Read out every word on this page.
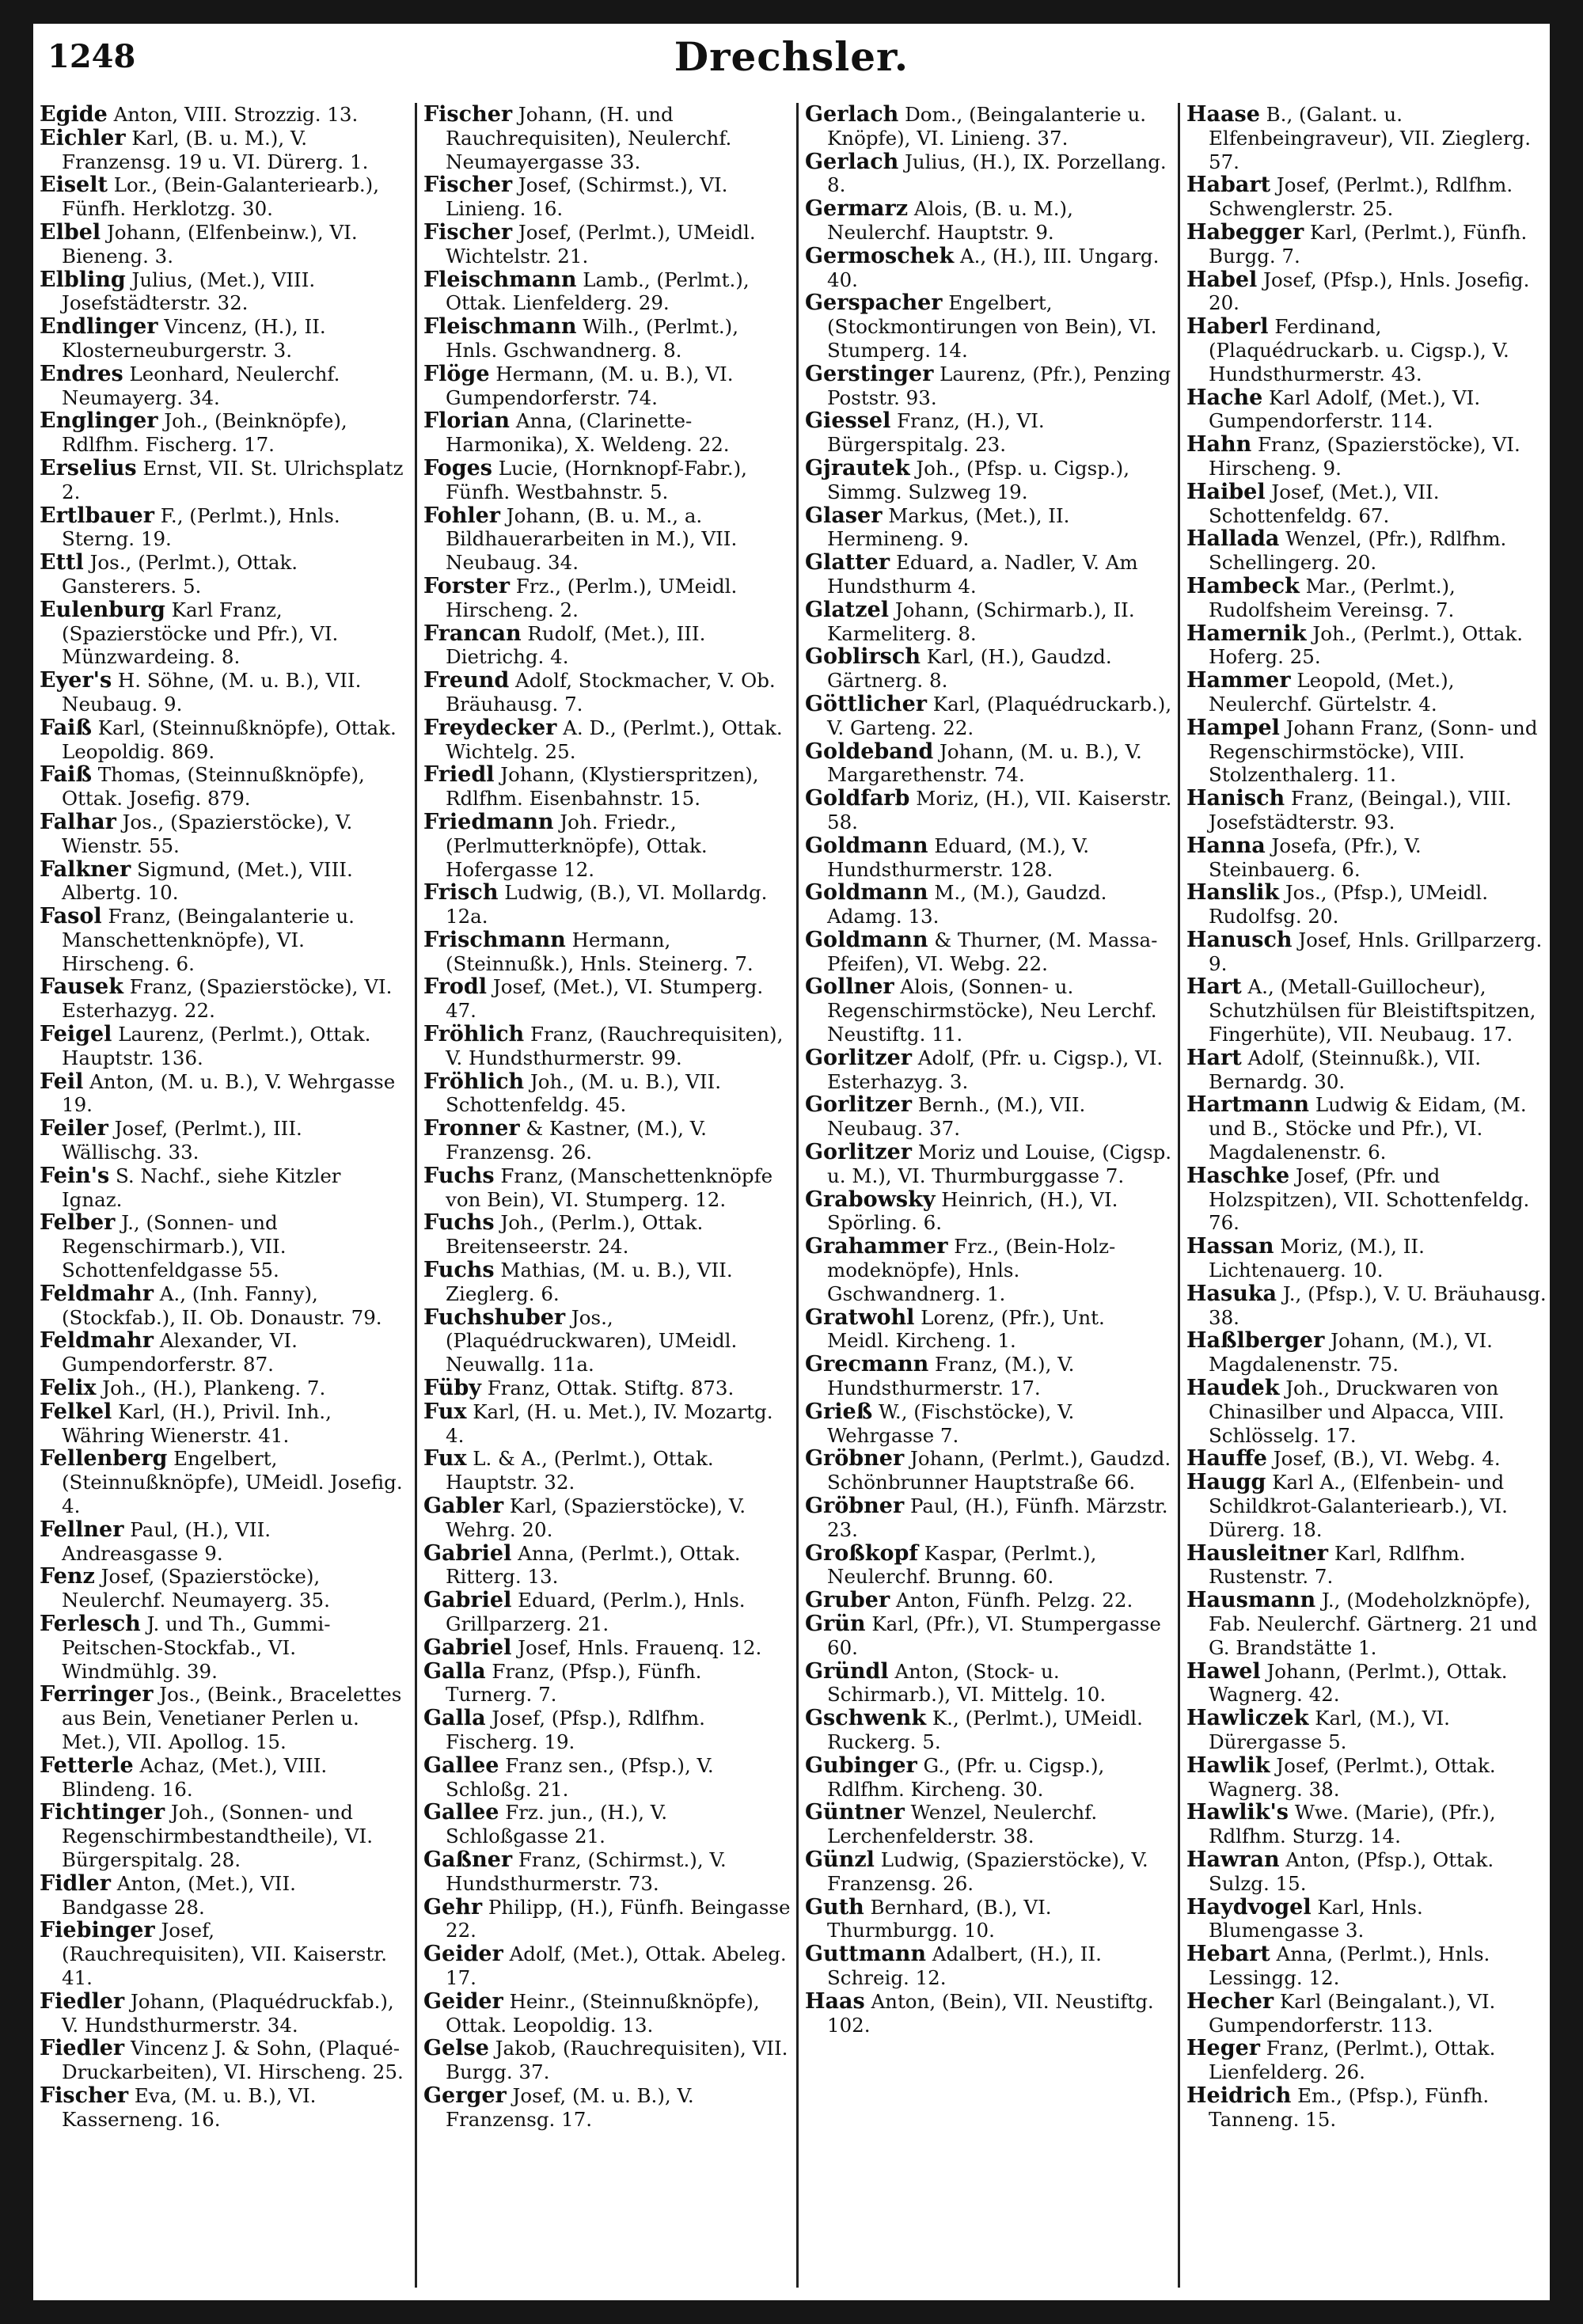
1248	Drechsler.

Egide Anton, VIII. Strozzig. 13.

Eichler Karl, (B. u. M.), V. Franzensg. 19 u. VI. Dürerg. 1.

Eiselt Lor., (Bein-Galanteriearb.), Fünfh. Herklotzg. 30.

Elbel Johann, (Elfenbeinw.), VI. Bieneng. 3.

Elbling Julius, (Met.), VIII. Josefstädterstr. 32.

Endlinger Vincenz, (H.), II. Klosterneuburgerstr. 3.

Endres Leonhard, Neulerchf. Neumayerg. 34.

Englinger Joh., (Beinknöpfe), Rdlfhm. Fischerg. 17.

Erselius Ernst, VII. St. Ulrichsplatz 2.

Ertlbauer F., (Perlmt.), Hnls. Sterng. 19.

Ettl Jos., (Perlmt.), Ottak. Gansterers. 5.

Eulenburg Karl Franz, (Spazierstöcke und Pfr.), VI. Münzwardeing. 8.

Eyer's H. Söhne, (M. u. B.), VII. Neubaug. 9.

Faiß Karl, (Steinnußknöpfe), Ottak. Leopoldig. 869.

Faiß Thomas, (Steinnußknöpfe), Ottak. Josefig. 879.

Falhar Jos., (Spazierstöcke), V. Wienstr. 55.

Falkner Sigmund, (Met.), VIII. Albertg. 10.

Fasol Franz, (Beingalanterie u. Manschettenknöpfe), VI. Hirscheng. 6.

Fausek Franz, (Spazierstöcke), VI. Esterhazyg. 22.

Feigel Laurenz, (Perlmt.), Ottak. Hauptstr. 136.

Feil Anton, (M. u. B.), V. Wehrgasse 19.

Feiler Josef, (Perlmt.), III. Wällischg. 33.

Fein's S. Nachf., siehe Kitzler Ignaz.

Felber J., (Sonnen- und Regenschirmarb.), VII. Schottenfeldgasse 55.

Feldmahr A., (Inh. Fanny), (Stockfab.), II. Ob. Donaustr. 79.

Feldmahr Alexander, VI. Gumpendorferstr. 87.

Felix Joh., (H.), Plankeng. 7.

Felkel Karl, (H.), Privil. Inh., Währing Wienerstr. 41.

Fellenberg Engelbert, (Steinnußknöpfe), UMeidl. Josefig. 4.

Fellner Paul, (H.), VII. Andreasgasse 9.

Fenz Josef, (Spazierstöcke), Neulerchf. Neumayerg. 35.

Ferlesch J. und Th., Gummi-Peitschen-Stockfab., VI. Windmühlg. 39.

Ferringer Jos., (Beink., Bracelettes aus Bein, Venetianer Perlen u. Met.), VII. Apollog. 15.

Fetterle Achaz, (Met.), VIII. Blindeng. 16.

Fichtinger Joh., (Sonnen- und Regenschirmbestandtheile), VI. Bürgerspitalg. 28.

Fidler Anton, (Met.), VII. Bandgasse 28.

Fiebinger Josef, (Rauchrequisiten), VII. Kaiserstr. 41.

Fiedler Johann, (Plaquédruckfab.), V. Hundsthurmerstr. 34.

Fiedler Vincenz J. & Sohn, (Plaqué-Druckarbeiten), VI. Hirscheng. 25.

Fischer Eva, (M. u. B.), VI. Kasserneng. 16.

Fischer Johann, (H. und Rauchrequisiten), Neulerchf. Neumayergasse 33.

Fischer Josef, (Schirmst.), VI. Linieng. 16.

Fischer Josef, (Perlmt.), UMeidl. Wichtelstr. 21.

Fleischmann Lamb., (Perlmt.), Ottak. Lienfelderg. 29.

Fleischmann Wilh., (Perlmt.), Hnls. Gschwandnerg. 8.

Flöge Hermann, (M. u. B.), VI. Gumpendorferstr. 74.

Florian Anna, (Clarinette-Harmonika), X. Weldeng. 22.

Foges Lucie, (Hornknopf-Fabr.), Fünfh. Westbahnstr. 5.

Fohler Johann, (B. u. M., a. Bildhauerarbeiten in M.), VII. Neubaug. 34.

Forster Frz., (Perlm.), UMeidl. Hirscheng. 2.

Francan Rudolf, (Met.), III. Dietrichg. 4.

Freund Adolf, Stockmacher, V. Ob. Bräuhausg. 7.

Freydecker A. D., (Perlmt.), Ottak. Wichtelg. 25.

Friedl Johann, (Klystierspritzen), Rdlfhm. Eisenbahnstr. 15.

Friedmann Joh. Friedr., (Perlmutterknöpfe), Ottak. Hofergasse 12.

Frisch Ludwig, (B.), VI. Mollardg. 12a.

Frischmann Hermann, (Steinnußk.), Hnls. Steinerg. 7.

Frodl Josef, (Met.), VI. Stumperg. 47.

Fröhlich Franz, (Rauchrequisiten), V. Hundsthurmerstr. 99.

Fröhlich Joh., (M. u. B.), VII. Schottenfeldg. 45.

Fronner & Kastner, (M.), V. Franzensg. 26.

Fuchs Franz, (Manschettenknöpfe von Bein), VI. Stumperg. 12.

Fuchs Joh., (Perlm.), Ottak. Breitenseerstr. 24.

Fuchs Mathias, (M. u. B.), VII. Zieglerg. 6.

Fuchshuber Jos., (Plaquédruckwaren), UMeidl. Neuwallg. 11a.

Füby Franz, Ottak. Stiftg. 873.

Fux Karl, (H. u. Met.), IV. Mozartg. 4.

Fux L. & A., (Perlmt.), Ottak. Hauptstr. 32.

Gabler Karl, (Spazierstöcke), V. Wehrg. 20.

Gabriel Anna, (Perlmt.), Ottak. Ritterg. 13.

Gabriel Eduard, (Perlm.), Hnls. Grillparzerg. 21.

Gabriel Josef, Hnls. Frauenq. 12.

Galla Franz, (Pfsp.), Fünfh. Turnerg. 7.

Galla Josef, (Pfsp.), Rdlfhm. Fischerg. 19.

Gallee Franz sen., (Pfsp.), V. Schloßg. 21.

Gallee Frz. jun., (H.), V. Schloßgasse 21.

Gaßner Franz, (Schirmst.), V. Hundsthurmerstr. 73.

Gehr Philipp, (H.), Fünfh. Beingasse 22.

Geider Adolf, (Met.), Ottak. Abeleg. 17.

Geider Heinr., (Steinnußknöpfe), Ottak. Leopoldig. 13.

Gelse Jakob, (Rauchrequisiten), VII. Burgg. 37.

Gerger Josef, (M. u. B.), V. Franzensg. 17.

Gerlach Dom., (Beingalanterie u. Knöpfe), VI. Linieng. 37.

Gerlach Julius, (H.), IX. Porzellang. 8.

Germarz Alois, (B. u. M.), Neulerchf. Hauptstr. 9.

Germoschek A., (H.), III. Ungarg. 40.

Gerspacher Engelbert, (Stockmontirungen von Bein), VI. Stumperg. 14.

Gerstinger Laurenz, (Pfr.), Penzing Poststr. 93.

Giessel Franz, (H.), VI. Bürgerspitalg. 23.

Gjrautek Joh., (Pfsp. u. Cigsp.), Simmg. Sulzweg 19.

Glaser Markus, (Met.), II. Hermineng. 9.

Glatter Eduard, a. Nadler, V. Am Hundsthurm 4.

Glatzel Johann, (Schirmarb.), II. Karmeliterg. 8.

Goblirsch Karl, (H.), Gaudzd. Gärtnerg. 8.

Göttlicher Karl, (Plaquédruckarb.), V. Garteng. 22.

Goldeband Johann, (M. u. B.), V. Margarethenstr. 74.

Goldfarb Moriz, (H.), VII. Kaiserstr. 58.

Goldmann Eduard, (M.), V. Hundsthurmerstr. 128.

Goldmann M., (M.), Gaudzd. Adamg. 13.

Goldmann & Thurner, (M. Massa-Pfeifen), VI. Webg. 22.

Gollner Alois, (Sonnen- u. Regenschirmstöcke), Neu Lerchf. Neustiftg. 11.

Gorlitzer Adolf, (Pfr. u. Cigsp.), VI. Esterhazyg. 3.

Gorlitzer Bernh., (M.), VII. Neubaug. 37.

Gorlitzer Moriz und Louise, (Cigsp. u. M.), VI. Thurmburggasse 7.

Grabowsky Heinrich, (H.), VI. Spörling. 6.

Grahammer Frz., (Bein-Holz-modeknöpfe), Hnls. Gschwandnerg. 1.

Gratwohl Lorenz, (Pfr.), Unt. Meidl. Kircheng. 1.

Grecmann Franz, (M.), V. Hundsthurmerstr. 17.

Grieß W., (Fischstöcke), V. Wehrgasse 7.

Gröbner Johann, (Perlmt.), Gaudzd. Schönbrunner Hauptstraße 66.

Gröbner Paul, (H.), Fünfh. Märzstr. 23.

Großkopf Kaspar, (Perlmt.), Neulerchf. Brunng. 60.

Gruber Anton, Fünfh. Pelzg. 22.

Grün Karl, (Pfr.), VI. Stumpergasse 60.

Gründl Anton, (Stock- u. Schirmarb.), VI. Mittelg. 10.

Gschwenk K., (Perlmt.), UMeidl. Ruckerg. 5.

Gubinger G., (Pfr. u. Cigsp.), Rdlfhm. Kircheng. 30.

Güntner Wenzel, Neulerchf. Lerchenfelderstr. 38.

Günzl Ludwig, (Spazierstöcke), V. Franzensg. 26.

Guth Bernhard, (B.), VI. Thurmburgg. 10.

Guttmann Adalbert, (H.), II. Schreig. 12.

Haas Anton, (Bein), VII. Neustiftg. 102.

Haase B., (Galant. u. Elfenbeingraveur), VII. Zieglerg. 57.

Habart Josef, (Perlmt.), Rdlfhm. Schwenglerstr. 25.

Habegger Karl, (Perlmt.), Fünfh. Burgg. 7.

Habel Josef, (Pfsp.), Hnls. Josefig. 20.

Haberl Ferdinand, (Plaquédruckarb. u. Cigsp.), V. Hundsthurmerstr. 43.

Hache Karl Adolf, (Met.), VI. Gumpendorferstr. 114.

Hahn Franz, (Spazierstöcke), VI. Hirscheng. 9.

Haibel Josef, (Met.), VII. Schottenfeldg. 67.

Hallada Wenzel, (Pfr.), Rdlfhm. Schellingerg. 20.

Hambeck Mar., (Perlmt.), Rudolfsheim Vereinsg. 7.

Hamernik Joh., (Perlmt.), Ottak. Hoferg. 25.

Hammer Leopold, (Met.), Neulerchf. Gürtelstr. 4.

Hampel Johann Franz, (Sonn- und Regenschirmstöcke), VIII. Stolzenthalerg. 11.

Hanisch Franz, (Beingal.), VIII. Josefstädterstr. 93.

Hanna Josefa, (Pfr.), V. Steinbauerg. 6.

Hanslik Jos., (Pfsp.), UMeidl. Rudolfsg. 20.

Hanusch Josef, Hnls. Grillparzerg. 9.

Hart A., (Metall-Guillocheur), Schutzhülsen für Bleistiftspitzen, Fingerhüte), VII. Neubaug. 17.

Hart Adolf, (Steinnußk.), VII. Bernardg. 30.

Hartmann Ludwig & Eidam, (M. und B., Stöcke und Pfr.), VI. Magdalenenstr. 6.

Haschke Josef, (Pfr. und Holzspitzen), VII. Schottenfeldg. 76.

Hassan Moriz, (M.), II. Lichtenauerg. 10.

Hasuka J., (Pfsp.), V. U. Bräuhausg. 38.

Haßlberger Johann, (M.), VI. Magdalenenstr. 75.

Haudek Joh., Druckwaren von Chinasilber und Alpacca, VIII. Schlösselg. 17.

Hauffe Josef, (B.), VI. Webg. 4.

Haugg Karl A., (Elfenbein- und Schildkrot-Galanteriearb.), VI. Dürerg. 18.

Hausleitner Karl, Rdlfhm. Rustenstr. 7.

Hausmann J., (Modeholzknöpfe), Fab. Neulerchf. Gärtnerg. 21 und G. Brandstätte 1.

Hawel Johann, (Perlmt.), Ottak. Wagnerg. 42.

Hawliczek Karl, (M.), VI. Dürergasse 5.

Hawlik Josef, (Perlmt.), Ottak. Wagnerg. 38.

Hawlik's Wwe. (Marie), (Pfr.), Rdlfhm. Sturzg. 14.

Hawran Anton, (Pfsp.), Ottak. Sulzg. 15.

Haydvogel Karl, Hnls. Blumengasse 3.

Hebart Anna, (Perlmt.), Hnls. Lessingg. 12.

Hecher Karl (Beingalant.), VI. Gumpendorferstr. 113.

Heger Franz, (Perlmt.), Ottak. Lienfelderg. 26.

Heidrich Em., (Pfsp.), Fünfh. Tanneng. 15.
